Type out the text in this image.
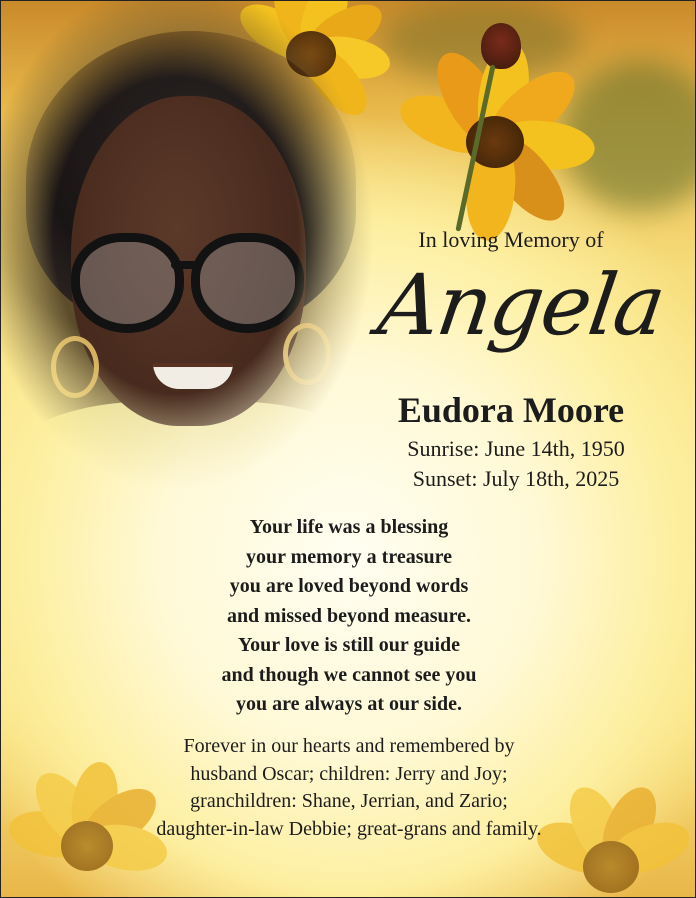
In loving Memory of
Angela
Eudora Moore
Sunrise: June 14th, 1950
Sunset: July 18th, 2025
Your life was a blessing
your memory a treasure
you are loved beyond words
and missed beyond measure.
Your love is still our guide
and though we cannot see you
you are always at our side.
Forever in our hearts and remembered by
husband Oscar; children: Jerry and Joy;
granchildren: Shane, Jerrian, and Zario;
daughter-in-law Debbie; great-grans and family.
